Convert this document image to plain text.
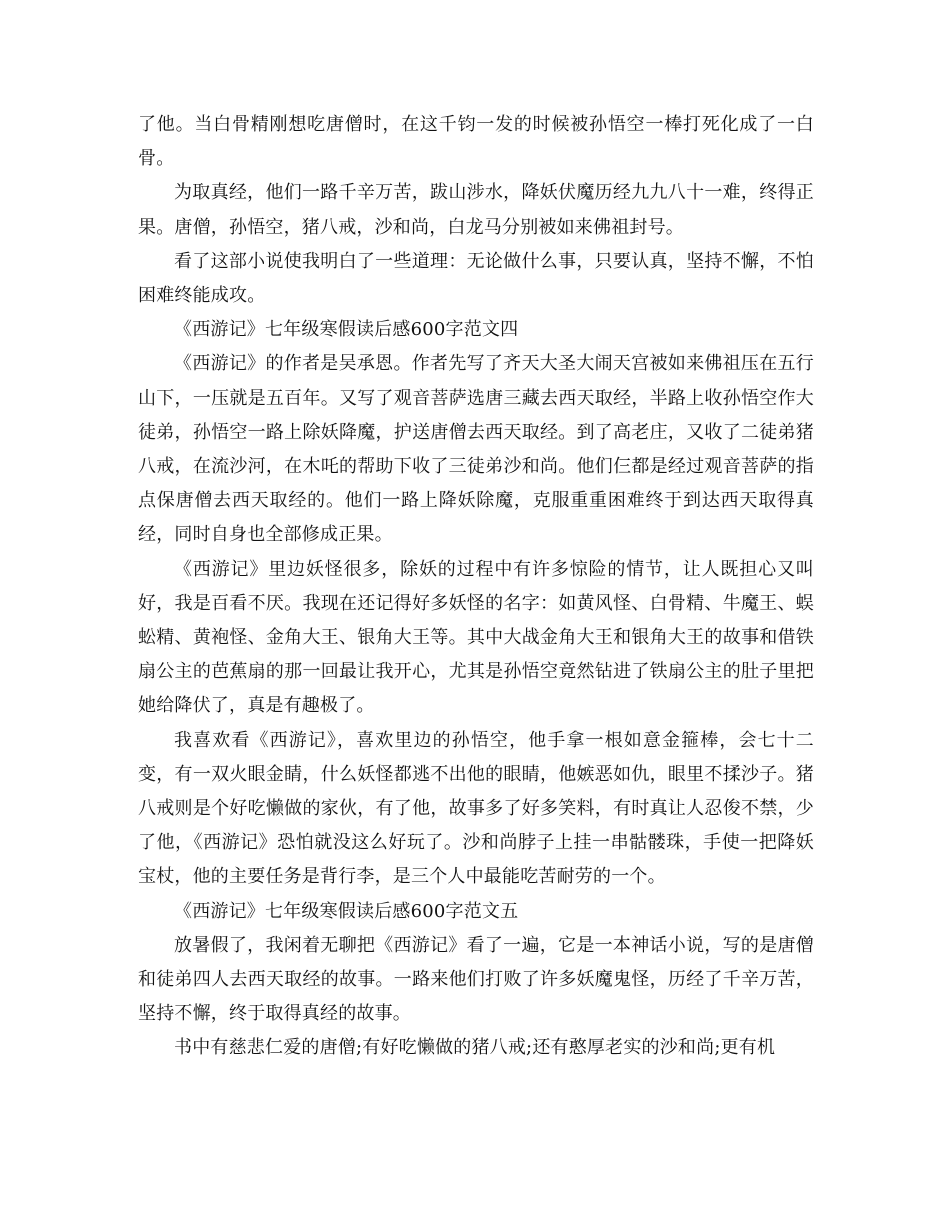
了他。当白骨精刚想吃唐僧时，在这千钧一发的时候被孙悟空一棒打死化成了一白骨。

为取真经，他们一路千辛万苦，跋山涉水，降妖伏魔历经九九八十一难，终得正果。唐僧，孙悟空，猪八戒，沙和尚，白龙马分别被如来佛祖封号。

看了这部小说使我明白了一些道理：无论做什么事，只要认真，坚持不懈，不怕困难终能成攻。

《西游记》七年级寒假读后感600字范文四

《西游记》的作者是吴承恩。作者先写了齐天大圣大闹天宫被如来佛祖压在五行山下，一压就是五百年。又写了观音菩萨选唐三藏去西天取经，半路上收孙悟空作大徒弟，孙悟空一路上除妖降魔，护送唐僧去西天取经。到了高老庄，又收了二徒弟猪八戒，在流沙河，在木吒的帮助下收了三徒弟沙和尚。他们仨都是经过观音菩萨的指点保唐僧去西天取经的。他们一路上降妖除魔，克服重重困难终于到达西天取得真经，同时自身也全部修成正果。

《西游记》里边妖怪很多，除妖的过程中有许多惊险的情节，让人既担心又叫好，我是百看不厌。我现在还记得好多妖怪的名字：如黄风怪、白骨精、牛魔王、蜈蚣精、黄袍怪、金角大王、银角大王等。其中大战金角大王和银角大王的故事和借铁扇公主的芭蕉扇的那一回最让我开心，尤其是孙悟空竟然钻进了铁扇公主的肚子里把她给降伏了，真是有趣极了。

我喜欢看《西游记》，喜欢里边的孙悟空，他手拿一根如意金箍棒，会七十二变，有一双火眼金睛，什么妖怪都逃不出他的眼睛，他嫉恶如仇，眼里不揉沙子。猪八戒则是个好吃懒做的家伙，有了他，故事多了好多笑料，有时真让人忍俊不禁，少了他，《西游记》恐怕就没这么好玩了。沙和尚脖子上挂一串骷髅珠，手使一把降妖宝杖，他的主要任务是背行李，是三个人中最能吃苦耐劳的一个。

《西游记》七年级寒假读后感600字范文五

放暑假了，我闲着无聊把《西游记》看了一遍，它是一本神话小说，写的是唐僧和徒弟四人去西天取经的故事。一路来他们打败了许多妖魔鬼怪，历经了千辛万苦，坚持不懈，终于取得真经的故事。

书中有慈悲仁爱的唐僧;有好吃懒做的猪八戒;还有憨厚老实的沙和尚;更有机
